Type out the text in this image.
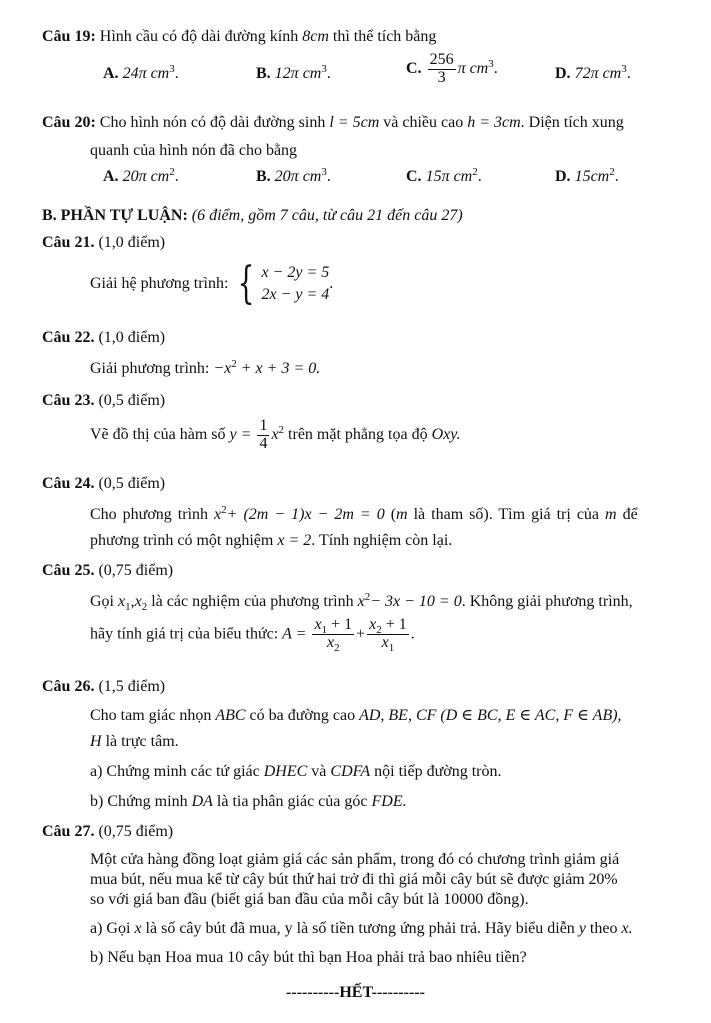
Câu 19: Hình cầu có độ dài đường kính 8cm thì thể tích bằng
A. 24π $cm^3$.	B. 12π $cm^3$.	C. $\frac{256}{3}$ π $cm^3$.	D. 72π $cm^3$.
Câu 20: Cho hình nón có độ dài đường sinh l = 5cm và chiều cao h = 3cm. Diện tích xung
quanh của hình nón đã cho bằng
A. 20π $cm^2$.	B. 20π $cm^3$.	C. 15π $cm^2$.	D. $15cm^2$.
B. PHẦN TỰ LUẬN: (6 điểm, gồm 7 câu, từ câu 21 đến câu 27)
Câu 21. (1,0 điểm)
Giải hệ phương trình: { x − 2y = 5
2x − y = 4
.
Câu 22. (1,0 điểm)
Giải phương trình: $-x^2 + x + 3 = 0$.
Câu 23. (0,5 điểm)
Vẽ đồ thị của hàm số $y = \frac{1}{4} x^2$ trên mặt phẳng tọa độ Oxy.
Câu 24. (0,5 điểm)
Cho phương trình $x^2+ (2m - 1)x - 2m = 0$ (m là tham số). Tìm giá trị của m để
phương trình có một nghiệm x = 2. Tính nghiệm còn lại.
Câu 25. (0,75 điểm)
Gọi $x_1,x_2$ là các nghiệm của phương trình $x^2- 3x - 10 = 0$. Không giải phương trình,
hãy tính giá trị của biểu thức: $A = \frac{x_1 + 1}{x_2} + \frac{x_2 + 1}{x_1}$ .
Câu 26. (1,5 điểm)
Cho tam giác nhọn ABC có ba đường cao AD, BE, CF (D ∈ BC, E ∈ AC, F ∈ AB),
H là trực tâm.
a) Chứng minh các tứ giác DHEC và CDFA nội tiếp đường tròn.
b) Chứng minh DA là tia phân giác của góc FDE.
Câu 27. (0,75 điểm)
Một cửa hàng đồng loạt giảm giá các sản phẩm, trong đó có chương trình giảm giá
mua bút, nếu mua kể từ cây bút thứ hai trở đi thì giá mỗi cây bút sẽ được giảm 20%
so với giá ban đầu (biết giá ban đầu của mỗi cây bút là 10000 đồng).
a) Gọi x là số cây bút đã mua, y là số tiền tương ứng phải trả. Hãy biểu diễn y theo x.
b) Nếu bạn Hoa mua 10 cây bút thì bạn Hoa phải trả bao nhiêu tiền?
----------HẾT----------
